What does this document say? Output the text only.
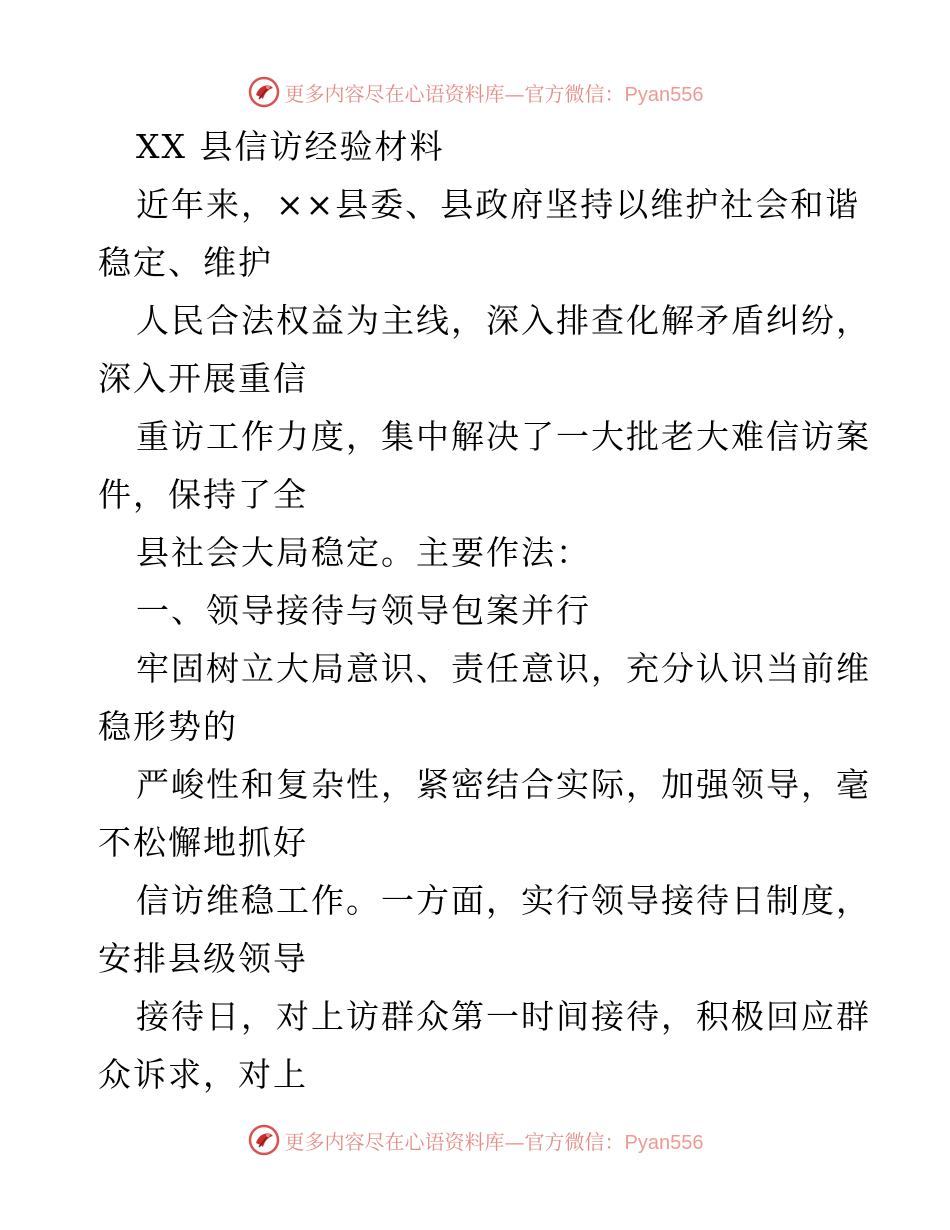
更多内容尽在心语资料库—官方微信：Pyan556
XX 县信访经验材料
近年来，××县委、县政府坚持以维护社会和谐
稳定、维护
人民合法权益为主线，深入排查化解矛盾纠纷，
深入开展重信
重访工作力度，集中解决了一大批老大难信访案
件，保持了全
县社会大局稳定。主要作法：
一、领导接待与领导包案并行
牢固树立大局意识、责任意识，充分认识当前维
稳形势的
严峻性和复杂性，紧密结合实际，加强领导，毫
不松懈地抓好
信访维稳工作。一方面，实行领导接待日制度，
安排县级领导
接待日，对上访群众第一时间接待，积极回应群
众诉求，对上
更多内容尽在心语资料库—官方微信：Pyan556
